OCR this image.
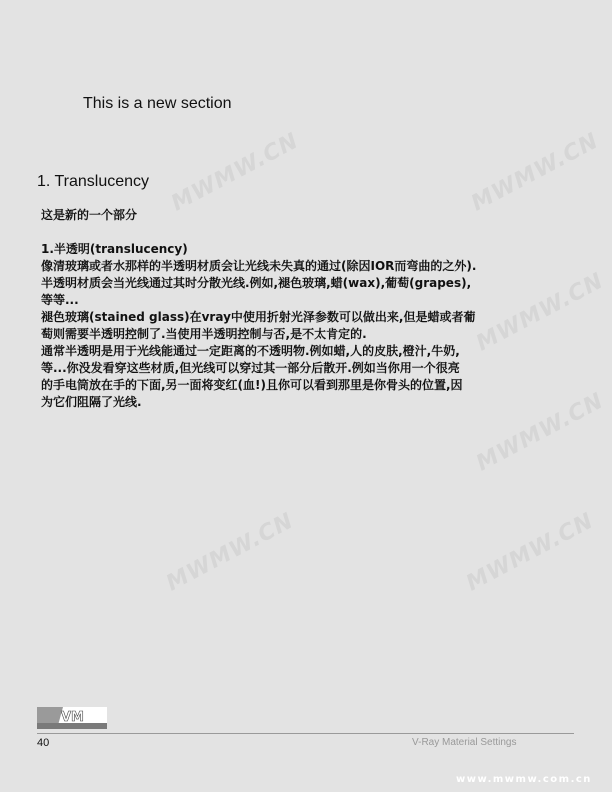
MWMW.CN	MWMW.CN
MWMW.CN
MWMW.CN
MWMW.CN	MWMW.CN
This is a new section
1. Translucency

这是新的一个部分

1.半透明(translucency)

像清玻璃或者水那样的半透明材质会让光线未失真的通过(除因IOR而弯曲的之外).

半透明材质会当光线通过其时分散光线.例如,褪色玻璃,蜡(wax),葡萄(grapes),

等等...

褪色玻璃(stained glass)在vray中使用折射光泽参数可以做出来,但是蜡或者葡

萄则需要半透明控制了.当使用半透明控制与否,是不太肯定的.

通常半透明是用于光线能通过一定距离的不透明物.例如蜡,人的皮肤,橙汁,牛奶,

等...你没发看穿这些材质,但光线可以穿过其一部分后散开.例如当你用一个很亮

的手电筒放在手的下面,另一面将变红(血!)且你可以看到那里是你骨头的位置,因

为它们阻隔了光线.

VM
40	V-Ray Material Settings
www.mwmw.com.cn
